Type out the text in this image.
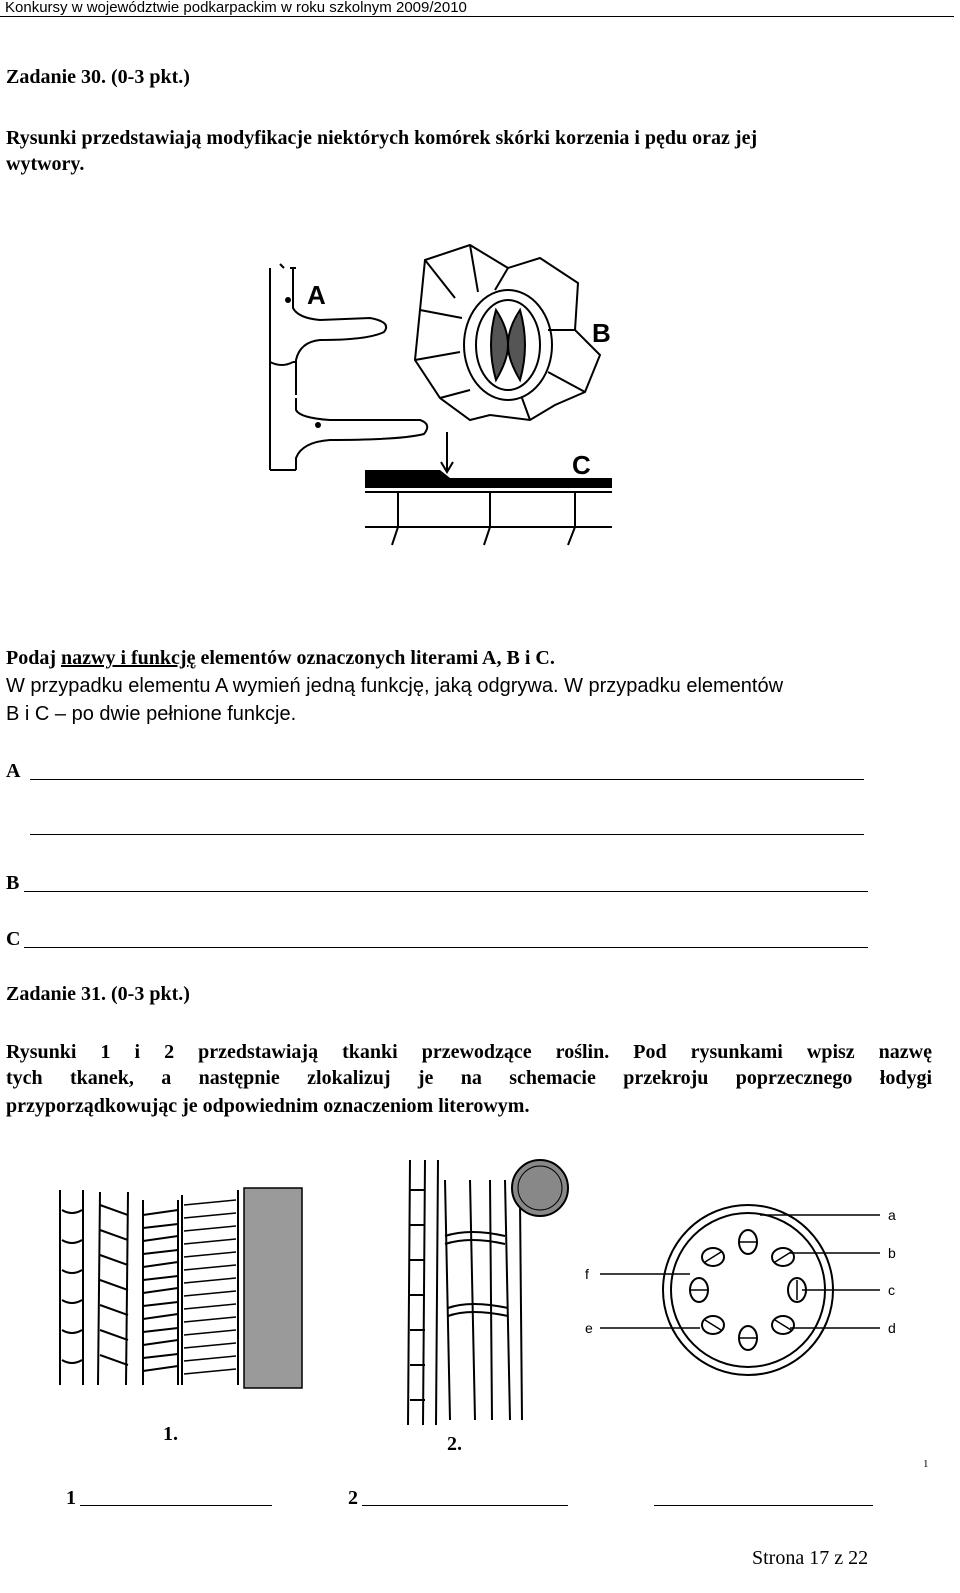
Konkursy w województwie podkarpackim w roku szkolnym 2009/2010
Zadanie 30. (0-3 pkt.)
Rysunki przedstawiają modyfikacje niektórych komórek skórki korzenia i pędu oraz jej
wytwory.
A
B
C
Podaj nazwy i funkcję elementów oznaczonych literami A, B i C.
W przypadku elementu A wymień jedną funkcję, jaką odgrywa. W przypadku elementów
B i C – po dwie pełnione funkcje.
A
B
C
Zadanie 31. (0-3 pkt.)
Rysunki 1 i 2 przedstawiają tkanki przewodzące roślin. Pod rysunkami wpisz nazwę
tych tkanek, a następnie zlokalizuj je na schemacie przekroju poprzecznego łodygi
przyporządkowując je odpowiednim oznaczeniom literowym.
a
b
c
d
e
f
1.	2.
1
1	2
Strona 17 z 22
